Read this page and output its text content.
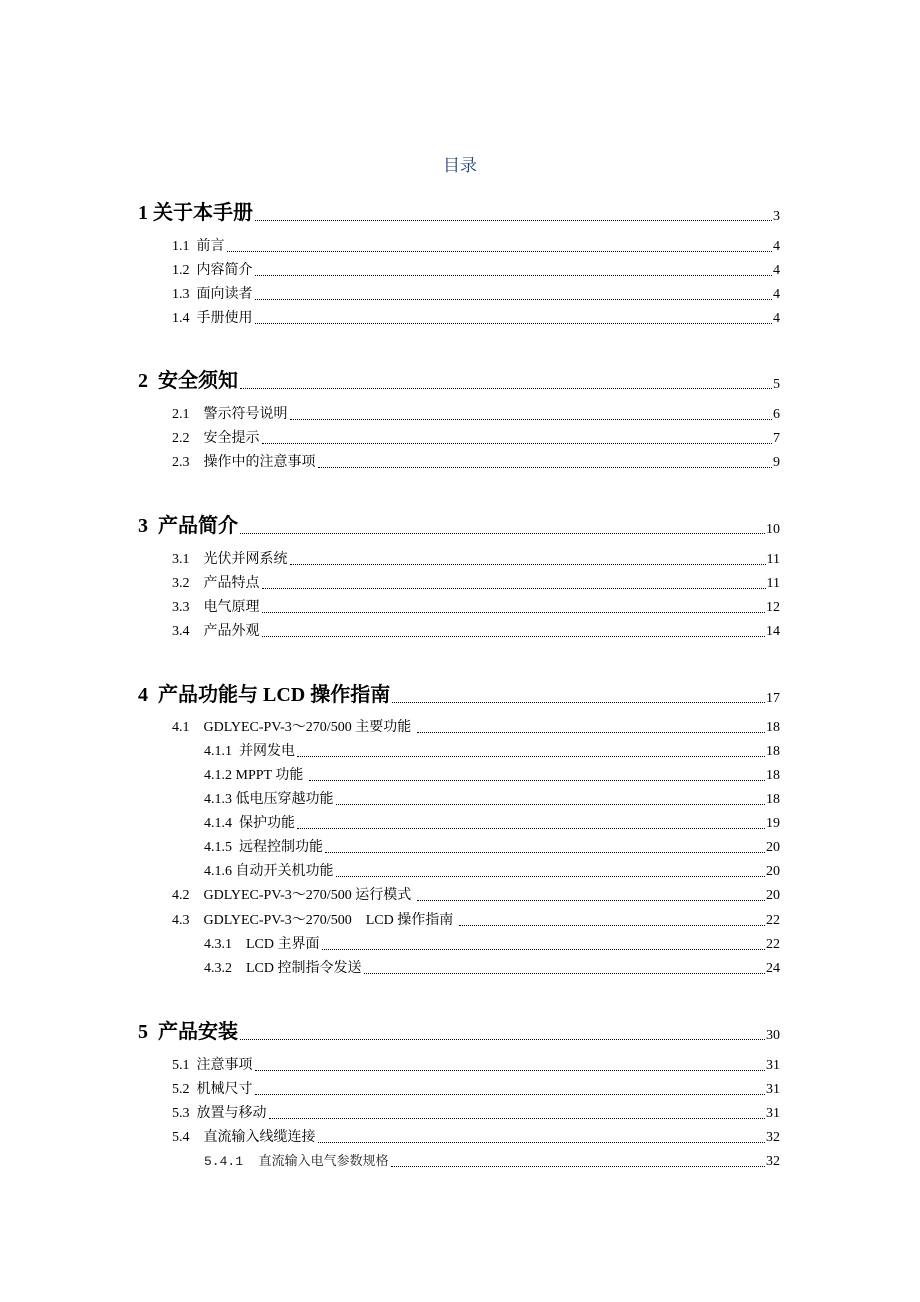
目录
1 关于本手册	3
1.1  前言	4
1.2  内容简介	4
1.3  面向读者	4
1.4  手册使用	4
2  安全须知	5
2.1    警示符号说明	6
2.2    安全提示	7
2.3    操作中的注意事项	9
3  产品简介	10
3.1    光伏并网系统	11
3.2    产品特点	11
3.3    电气原理	12
3.4    产品外观	14
4  产品功能与 LCD 操作指南	17
4.1    GDLYEC-PV-3～270/500 主要功能	18
4.1.1  并网发电	18
4.1.2 MPPT 功能	18
4.1.3 低电压穿越功能	18
4.1.4  保护功能	19
4.1.5  远程控制功能	20
4.1.6 自动开关机功能	20
4.2    GDLYEC-PV-3～270/500 运行模式	20
4.3    GDLYEC-PV-3～270/500    LCD 操作指南	22
4.3.1    LCD 主界面	22
4.3.2    LCD 控制指令发送	24
5  产品安装	30
5.1  注意事项	31
5.2  机械尺寸	31
5.3  放置与移动	31
5.4    直流输入线缆连接	32
5.4.1  直流输入电气参数规格	32
